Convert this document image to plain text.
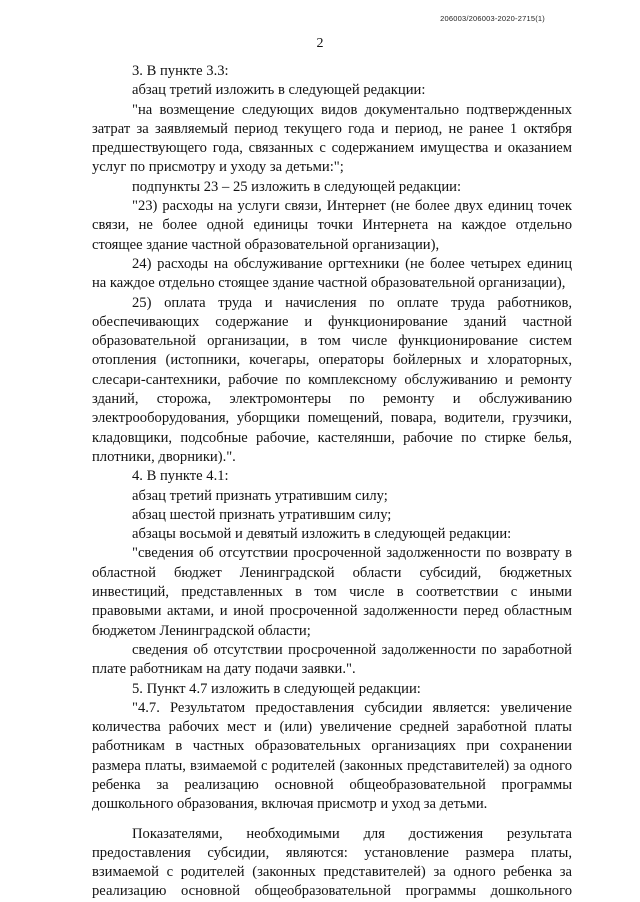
206003/206003-2020-2715(1)
2

3. В пункте 3.3:

абзац третий изложить в следующей редакции:

"на возмещение следующих видов документально подтвержденных затрат за заявляемый период текущего года и период, не ранее 1 октября предшествующего года, связанных с содержанием имущества и оказанием услуг по присмотру и уходу за детьми:";

подпункты 23 – 25 изложить в следующей редакции:

"23) расходы на услуги связи, Интернет (не более двух единиц точек связи, не более одной единицы точки Интернета на каждое отдельно стоящее здание частной образовательной организации),

24) расходы на обслуживание оргтехники (не более четырех единиц на каждое отдельно стоящее здание частной образовательной организации),

25) оплата труда и начисления по оплате труда работников, обеспечивающих содержание и функционирование зданий частной образовательной организации, в том числе функционирование систем отопления (истопники, кочегары, операторы бойлерных и хлораторных, слесари-сантехники, рабочие по комплексному обслуживанию и ремонту зданий, сторожа, электромонтеры по ремонту и обслуживанию электрооборудования, уборщики помещений, повара, водители, грузчики, кладовщики, подсобные рабочие, кастелянши, рабочие по стирке белья, плотники, дворники).".

4. В пункте 4.1:

абзац третий признать утратившим силу;

абзац шестой признать утратившим силу;

абзацы восьмой и девятый изложить в следующей редакции:

"сведения об отсутствии просроченной задолженности по возврату в областной бюджет Ленинградской области субсидий, бюджетных инвестиций, представленных в том числе в соответствии с иными правовыми актами, и иной просроченной задолженности перед областным бюджетом Ленинградской области;

сведения об отсутствии просроченной задолженности по заработной плате работникам на дату подачи заявки.".

5. Пункт 4.7 изложить в следующей редакции:

"4.7. Результатом предоставления субсидии является: увеличение количества рабочих мест и (или) увеличение средней заработной платы работникам в частных образовательных организациях при сохранении размера платы, взимаемой с родителей (законных представителей) за одного ребенка за реализацию основной общеобразовательной программы дошкольного образования, включая присмотр и уход за детьми.

Показателями, необходимыми для достижения результата предоставления субсидии, являются: установление размера платы, взимаемой с родителей (законных представителей) за одного ребенка за реализацию основной общеобразовательной программы дошкольного
